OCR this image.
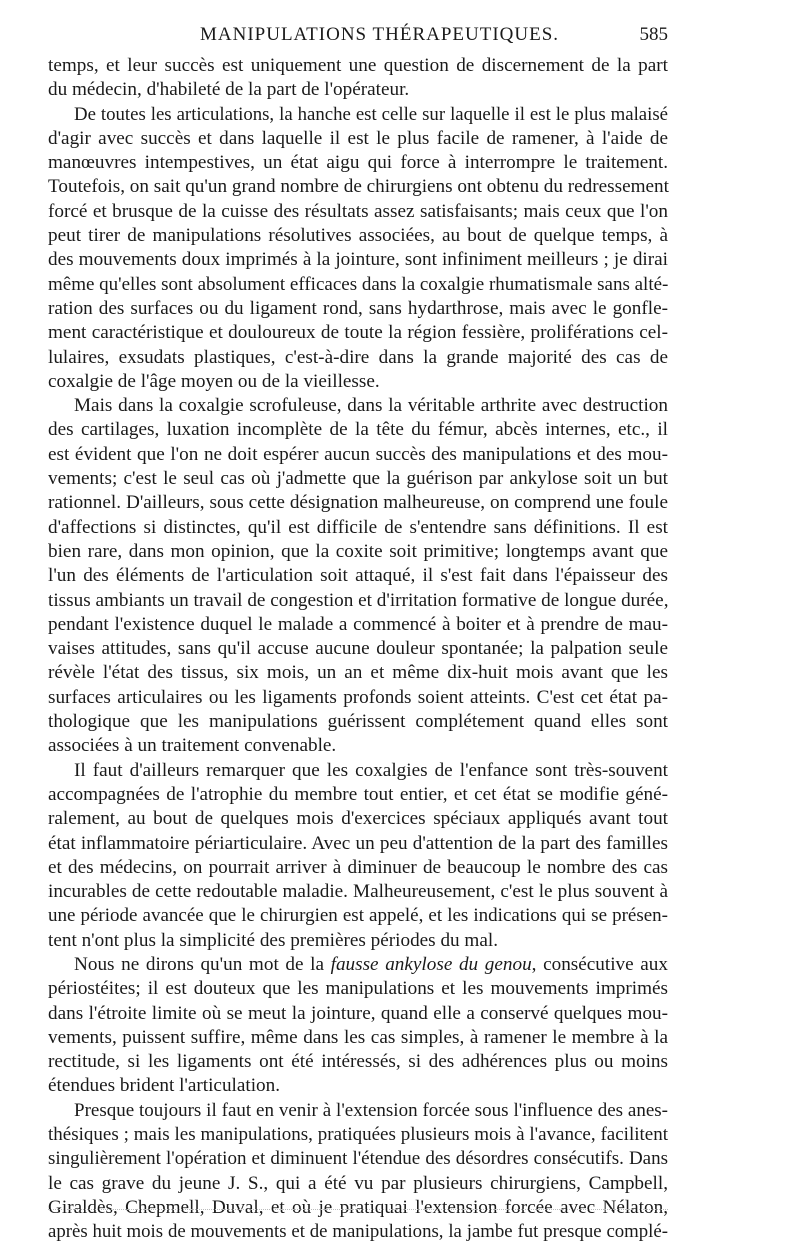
MANIPULATIONS THÉRAPEUTIQUES.	585
temps, et leur succès est uniquement une question de discernement de la part
du médecin, d'habileté de la part de l'opérateur.
De toutes les articulations, la hanche est celle sur laquelle il est le plus malaisé
d'agir avec succès et dans laquelle il est le plus facile de ramener, à l'aide de
manœuvres intempestives, un état aigu qui force à interrompre le traitement.
Toutefois, on sait qu'un grand nombre de chirurgiens ont obtenu du redressement
forcé et brusque de la cuisse des résultats assez satisfaisants; mais ceux que l'on
peut tirer de manipulations résolutives associées, au bout de quelque temps, à
des mouvements doux imprimés à la jointure, sont infiniment meilleurs ; je dirai
même qu'elles sont absolument efficaces dans la coxalgie rhumatismale sans alté-
ration des surfaces ou du ligament rond, sans hydarthrose, mais avec le gonfle-
ment caractéristique et douloureux de toute la région fessière, proliférations cel-
lulaires, exsudats plastiques, c'est-à-dire dans la grande majorité des cas de
coxalgie de l'âge moyen ou de la vieillesse.
Mais dans la coxalgie scrofuleuse, dans la véritable arthrite avec destruction
des cartilages, luxation incomplète de la tête du fémur, abcès internes, etc., il
est évident que l'on ne doit espérer aucun succès des manipulations et des mou-
vements; c'est le seul cas où j'admette que la guérison par ankylose soit un but
rationnel. D'ailleurs, sous cette désignation malheureuse, on comprend une foule
d'affections si distinctes, qu'il est difficile de s'entendre sans définitions. Il est
bien rare, dans mon opinion, que la coxite soit primitive; longtemps avant que
l'un des éléments de l'articulation soit attaqué, il s'est fait dans l'épaisseur des
tissus ambiants un travail de congestion et d'irritation formative de longue durée,
pendant l'existence duquel le malade a commencé à boiter et à prendre de mau-
vaises attitudes, sans qu'il accuse aucune douleur spontanée; la palpation seule
révèle l'état des tissus, six mois, un an et même dix-huit mois avant que les
surfaces articulaires ou les ligaments profonds soient atteints. C'est cet état pa-
thologique que les manipulations guérissent complétement quand elles sont
associées à un traitement convenable.
Il faut d'ailleurs remarquer que les coxalgies de l'enfance sont très-souvent
accompagnées de l'atrophie du membre tout entier, et cet état se modifie géné-
ralement, au bout de quelques mois d'exercices spéciaux appliqués avant tout
état inflammatoire périarticulaire. Avec un peu d'attention de la part des familles
et des médecins, on pourrait arriver à diminuer de beaucoup le nombre des cas
incurables de cette redoutable maladie. Malheureusement, c'est le plus souvent à
une période avancée que le chirurgien est appelé, et les indications qui se présen-
tent n'ont plus la simplicité des premières périodes du mal.
Nous ne dirons qu'un mot de la fausse ankylose du genou, consécutive aux
périostéites; il est douteux que les manipulations et les mouvements imprimés
dans l'étroite limite où se meut la jointure, quand elle a conservé quelques mou-
vements, puissent suffire, même dans les cas simples, à ramener le membre à la
rectitude, si les ligaments ont été intéressés, si des adhérences plus ou moins
étendues brident l'articulation.
Presque toujours il faut en venir à l'extension forcée sous l'influence des anes-
thésiques ; mais les manipulations, pratiquées plusieurs mois à l'avance, facilitent
singulièrement l'opération et diminuent l'étendue des désordres consécutifs. Dans
le cas grave du jeune J. S., qui a été vu par plusieurs chirurgiens, Campbell,
Giraldès, Chepmell, Duval, et où je pratiquai l'extension forcée avec Nélaton,
après huit mois de mouvements et de manipulations, la jambe fut presque complé-
